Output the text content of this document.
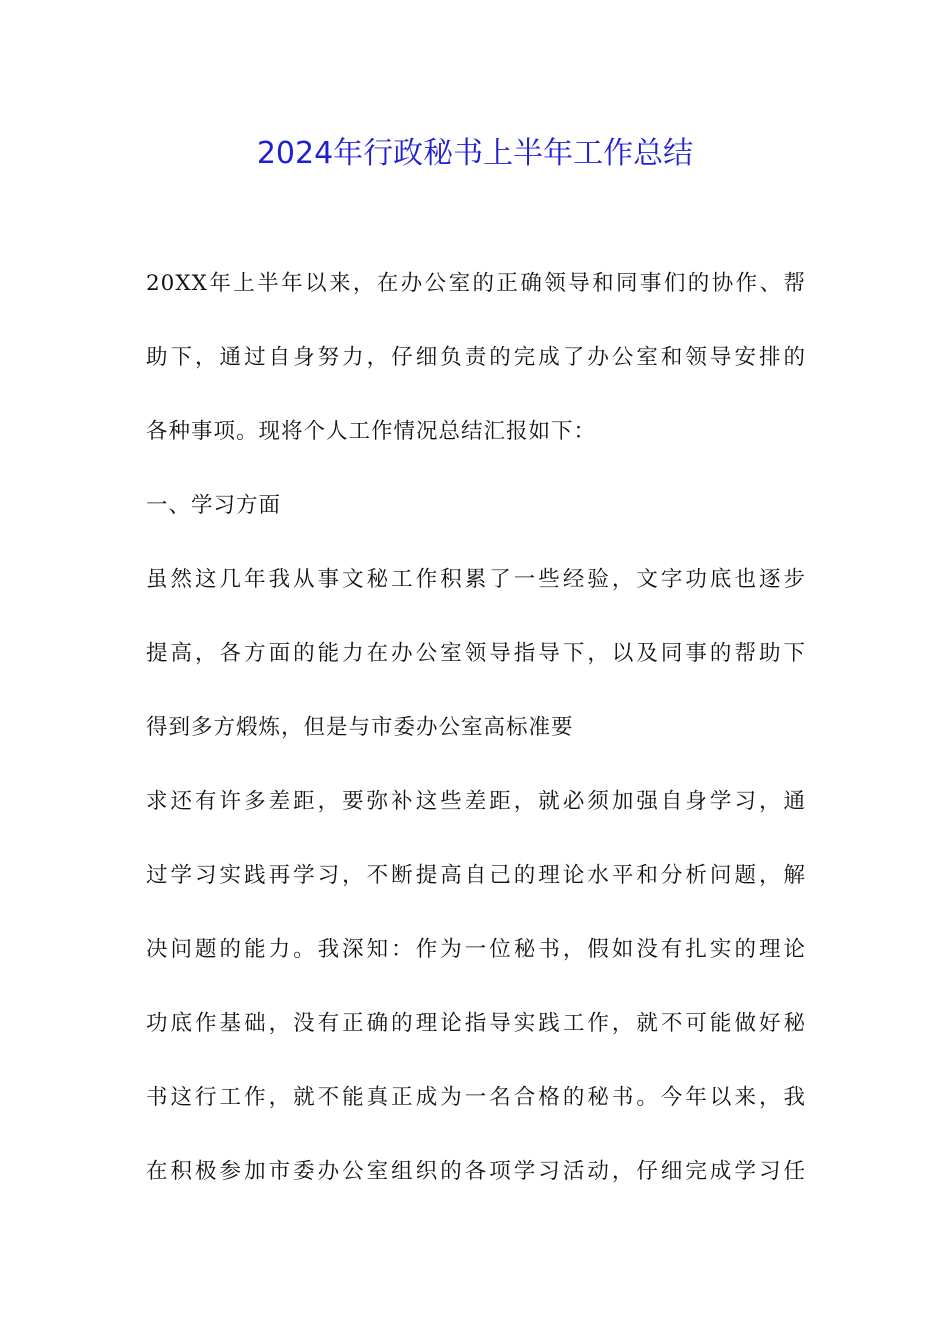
2024年行政秘书上半年工作总结
20XX年上半年以来，在办公室的正确领导和同事们的协作、帮
助下，通过自身努力，仔细负责的完成了办公室和领导安排的
各种事项。现将个人工作情况总结汇报如下：
一、学习方面
虽然这几年我从事文秘工作积累了一些经验，文字功底也逐步
提高，各方面的能力在办公室领导指导下，以及同事的帮助下
得到多方煅炼，但是与市委办公室高标准要
求还有许多差距，要弥补这些差距，就必须加强自身学习，通
过学习实践再学习，不断提高自己的理论水平和分析问题，解
决问题的能力。我深知：作为一位秘书，假如没有扎实的理论
功底作基础，没有正确的理论指导实践工作，就不可能做好秘
书这行工作，就不能真正成为一名合格的秘书。今年以来，我
在积极参加市委办公室组织的各项学习活动，仔细完成学习任
